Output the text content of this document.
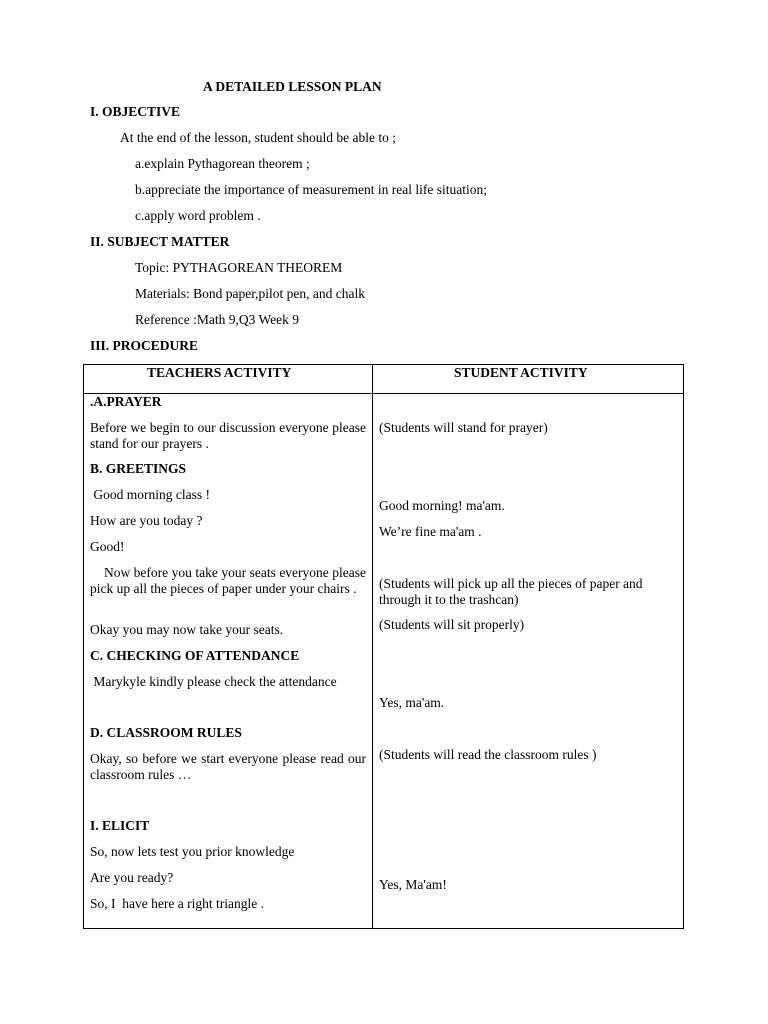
A DETAILED LESSON PLAN
I. OBJECTIVE
At the end of the lesson, student should be able to ;
a.explain Pythagorean theorem ;
b.appreciate the importance of measurement in real life situation;
c.apply word problem .
II. SUBJECT MATTER
Topic: PYTHAGOREAN THEOREM
Materials: Bond paper,pilot pen, and chalk
Reference :Math 9,Q3 Week 9
III. PROCEDURE
TEACHERS ACTIVITY	STUDENT ACTIVITY
.A.PRAYER
Before we begin to our discussion everyone please stand for our prayers .
B. GREETINGS
Good morning class !
How are you today ?
Good!
Now before you take your seats everyone please pick up all the pieces of paper under your chairs .
Okay you may now take your seats.
C. CHECKING OF ATTENDANCE
Marykyle kindly please check the attendance
D. CLASSROOM RULES
Okay, so before we start everyone please read our classroom rules …
I. ELICIT
So, now lets test you prior knowledge
Are you ready?
So, I  have here a right triangle .
(Students will stand for prayer)
Good morning! ma'am.
We’re fine ma'am .
(Students will pick up all the pieces of paper and through it to the trashcan)
(Students will sit properly)
Yes, ma'am.
(Students will read the classroom rules )
Yes, Ma'am!
